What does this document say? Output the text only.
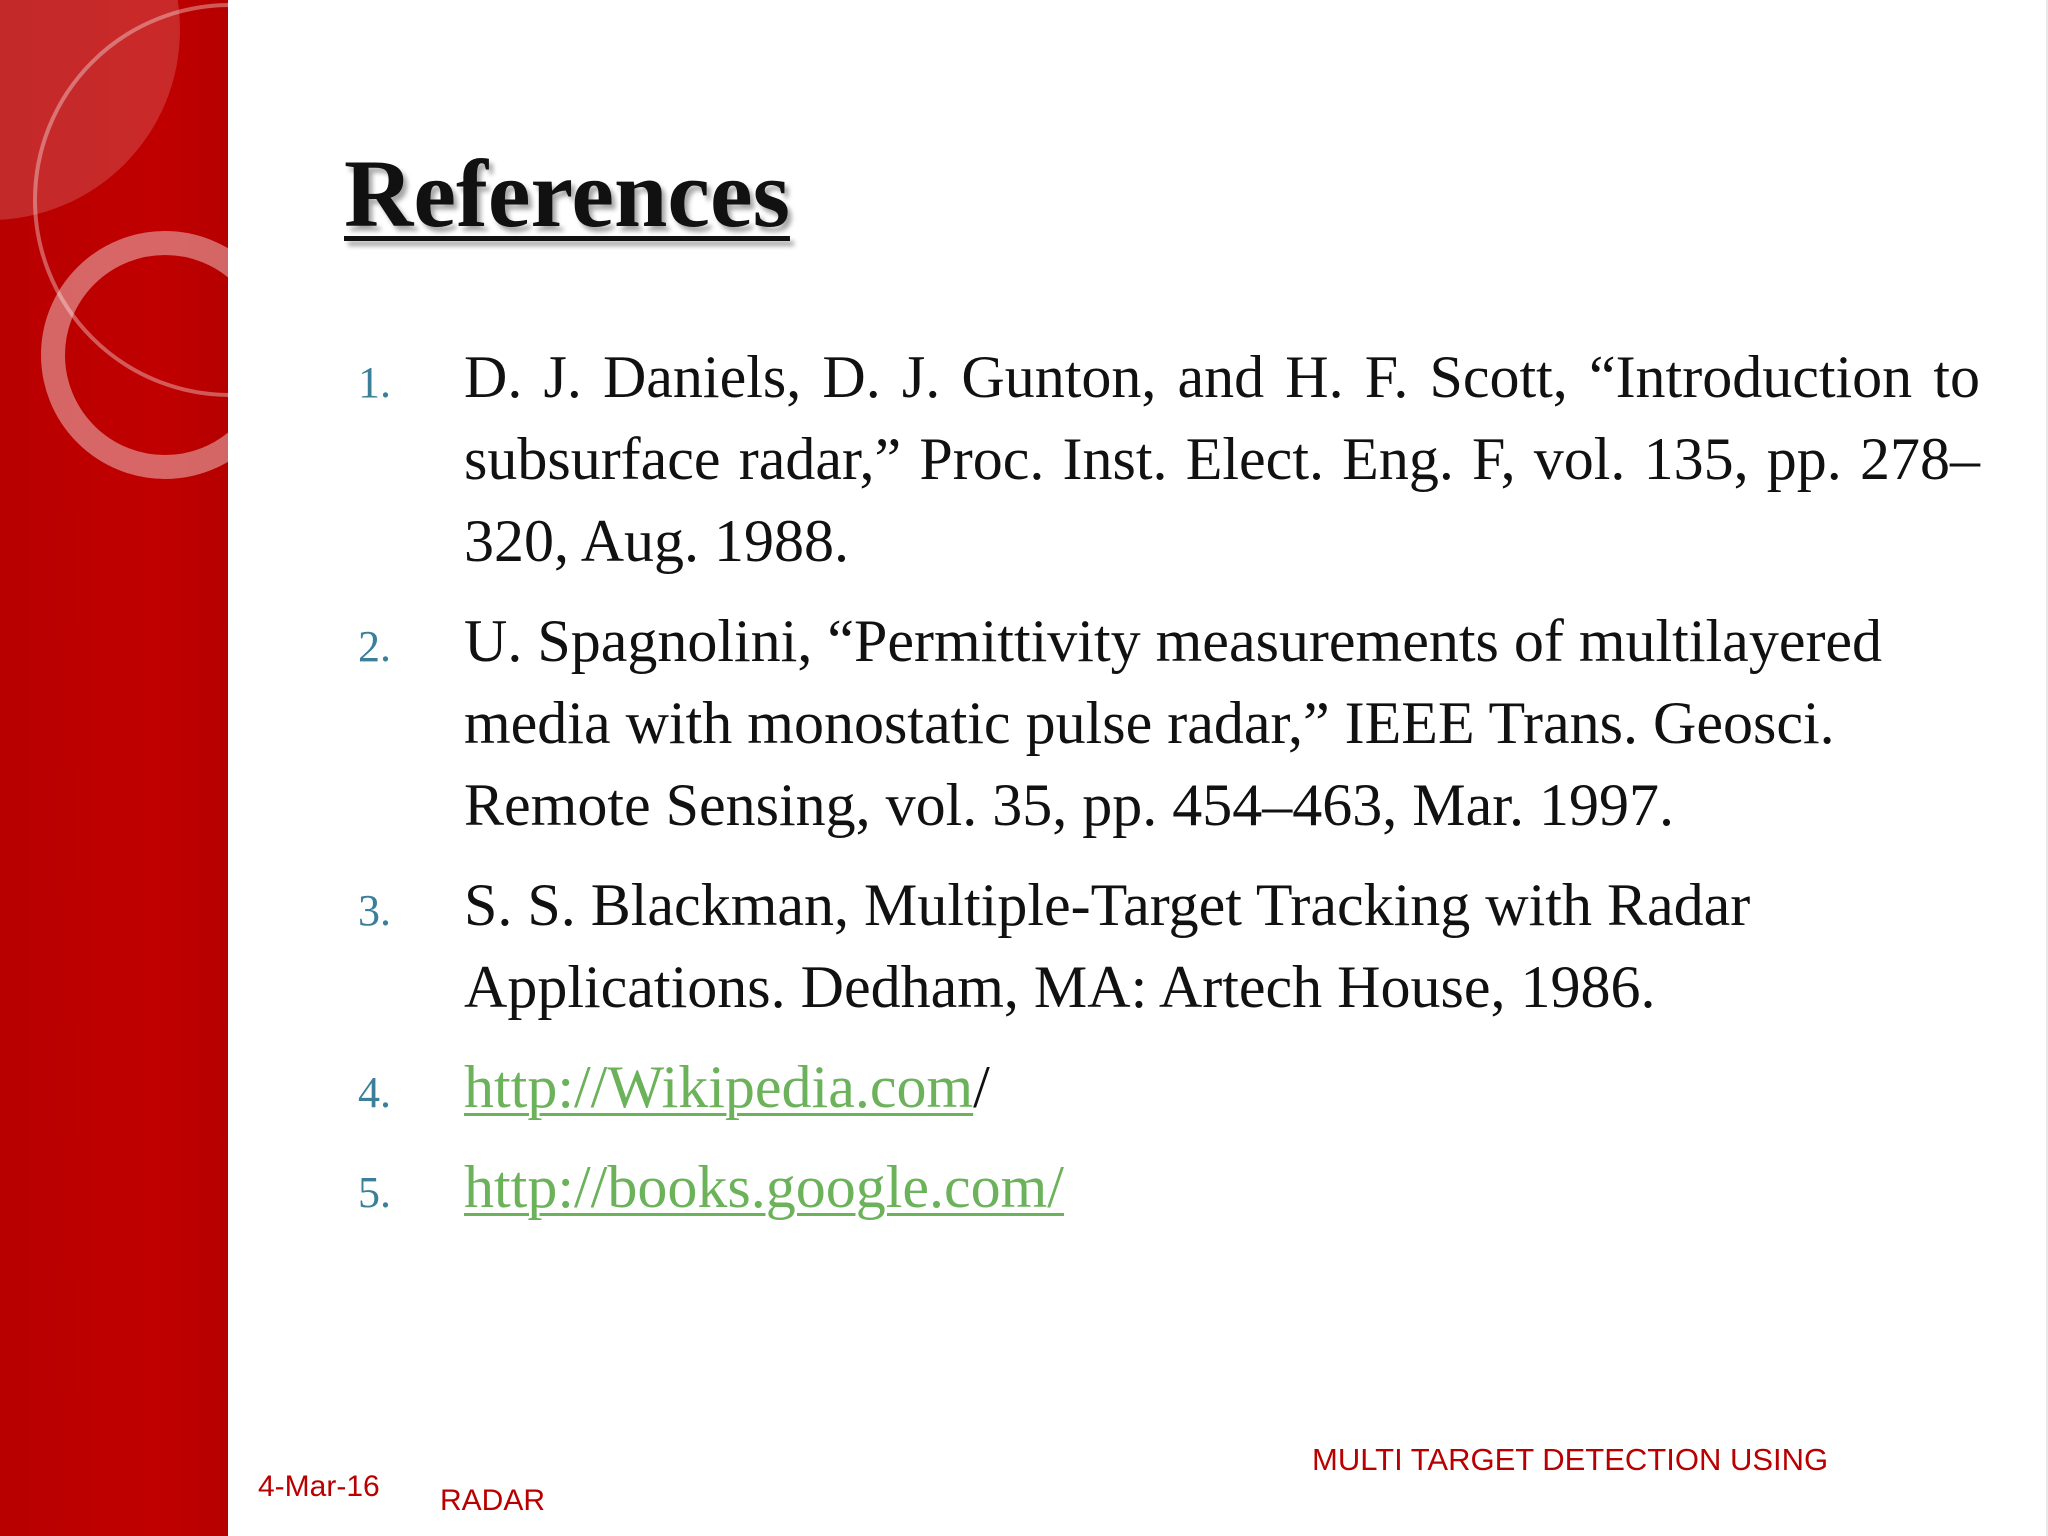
References
1.	D. J. Daniels, D. J. Gunton, and H. F. Scott, “Introduction to subsurface radar,” Proc. Inst. Elect. Eng. F, vol. 135, pp. 278–320, Aug. 1988.
2.	U. Spagnolini, “Permittivity measurements of multilayered media with monostatic pulse radar,” IEEE Trans. Geosci. Remote Sensing, vol. 35, pp. 454–463, Mar. 1997.
3.	S. S. Blackman, Multiple-Target Tracking with Radar Applications. Dedham, MA: Artech House, 1986.
4.	http://Wikipedia.com/
5.	http://books.google.com/
4-Mar-16 RADAR
MULTI TARGET DETECTION USING
